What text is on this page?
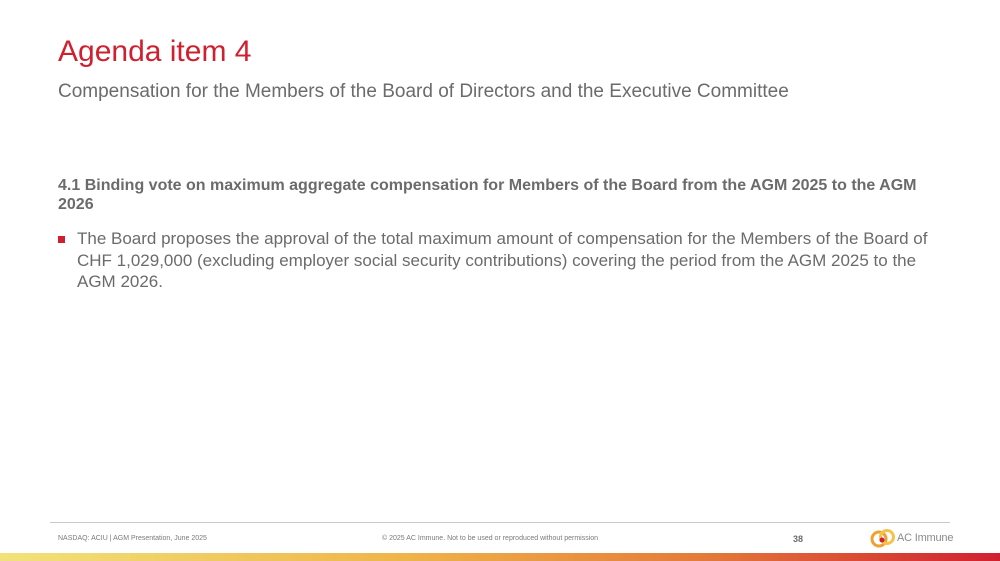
Agenda item 4
Compensation for the Members of the Board of Directors and the Executive Committee
4.1 Binding vote on maximum aggregate compensation for Members of the Board from the AGM 2025 to the AGM 2026
The Board proposes the approval of the total maximum amount of compensation for the Members of the Board of CHF 1,029,000 (excluding employer social security contributions) covering the period from the AGM 2025 to the AGM 2026.
NASDAQ: ACIU | AGM Presentation, June 2025	© 2025 AC Immune. Not to be used or reproduced without permission	38	AC Immune
